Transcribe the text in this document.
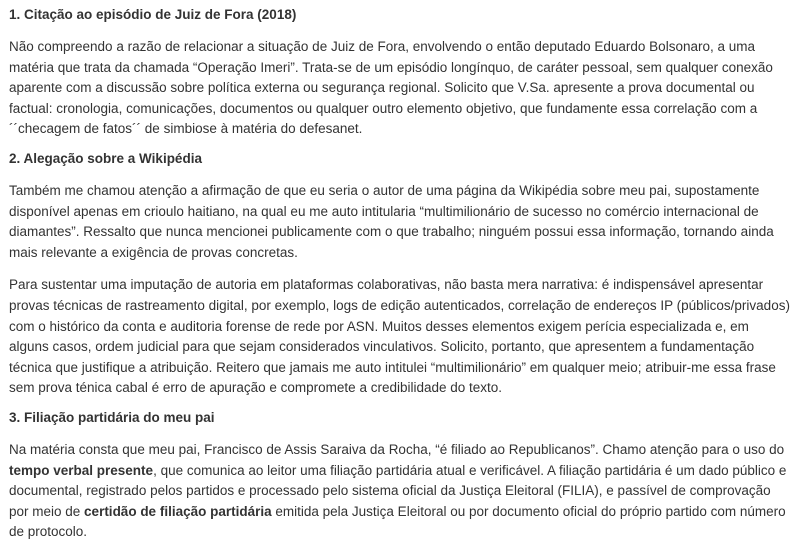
1. Citação ao episódio de Juiz de Fora (2018)

Não compreendo a razão de relacionar a situação de Juiz de Fora, envolvendo o então deputado Eduardo Bolsonaro, a uma matéria que trata da chamada “Operação Imeri”. Trata-se de um episódio longínquo, de caráter pessoal, sem qualquer conexão aparente com a discussão sobre política externa ou segurança regional. Solicito que V.Sa. apresente a prova documental ou factual: cronologia, comunicações, documentos ou qualquer outro elemento objetivo, que fundamente essa correlação com a ´´checagem de fatos´´ de simbiose à matéria do defesanet.

2. Alegação sobre a Wikipédia

Também me chamou atenção a afirmação de que eu seria o autor de uma página da Wikipédia sobre meu pai, supostamente disponível apenas em crioulo haitiano, na qual eu me auto intitularia “multimilionário de sucesso no comércio internacional de diamantes”. Ressalto que nunca mencionei publicamente com o que trabalho; ninguém possui essa informação, tornando ainda mais relevante a exigência de provas concretas.

Para sustentar uma imputação de autoria em plataformas colaborativas, não basta mera narrativa: é indispensável apresentar provas técnicas de rastreamento digital, por exemplo, logs de edição autenticados, correlação de endereços IP (públicos/privados) com o histórico da conta e auditoria forense de rede por ASN. Muitos desses elementos exigem perícia especializada e, em alguns casos, ordem judicial para que sejam considerados vinculativos. Solicito, portanto, que apresentem a fundamentação técnica que justifique a atribuição. Reitero que jamais me auto intitulei “multimilionário” em qualquer meio; atribuir-me essa frase sem prova ténica cabal é erro de apuração e compromete a credibilidade do texto.

3. Filiação partidária do meu pai

Na matéria consta que meu pai, Francisco de Assis Saraiva da Rocha, “é filiado ao Republicanos”. Chamo atenção para o uso do tempo verbal presente, que comunica ao leitor uma filiação partidária atual e verificável. A filiação partidária é um dado público e documental, registrado pelos partidos e processado pelo sistema oficial da Justiça Eleitoral (FILIA), e passível de comprovação por meio de certidão de filiação partidária emitida pela Justiça Eleitoral ou por documento oficial do próprio partido com número de protocolo.
